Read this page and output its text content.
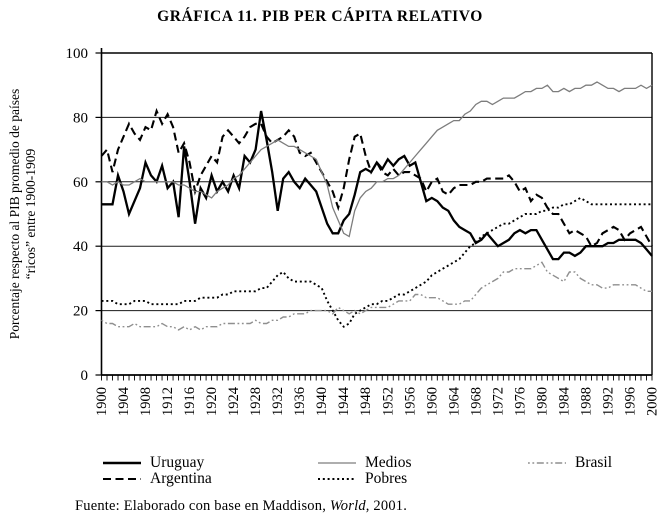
GRÁFICA 11. PIB PER CÁPITA RELATIVO
Porcentaje respecto al PIB promedio de países “ricos” entre 1900-1909
0
20
40
60
80
100
1900 1904 1908 1912 1916 1920 1924 1928 1932 1936 1940 1944 1948 1952 1956 1960 1964 1968 1972 1976 1980 1984 1988 1992 1996 2000
Uruguay
Argentina
Medios
Pobres
Brasil
Fuente: Elaborado con base en Maddison, World, 2001.
